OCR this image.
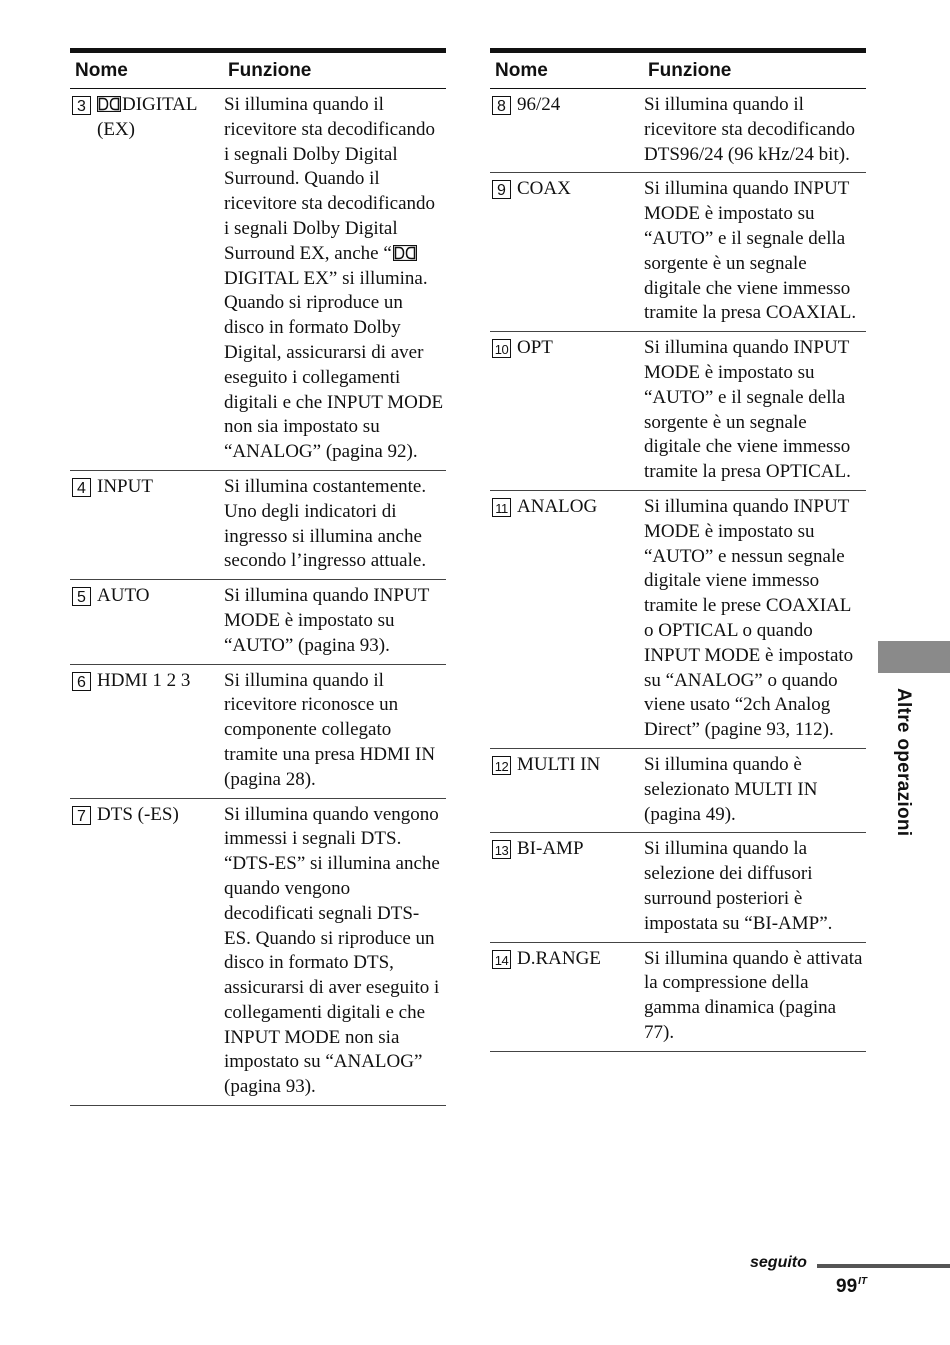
Nome	Funzione
3 DIGITAL (EX)	Si illumina quando il ricevitore sta decodificando i segnali Dolby Digital Surround. Quando il ricevitore sta decodificando i segnali Dolby Digital Surround EX, anche “DIGITAL EX” si illumina. Quando si riproduce un disco in formato Dolby Digital, assicurarsi di aver eseguito i collegamenti digitali e che INPUT MODE non sia impostato su “ANALOG” (pagina 92).
4 INPUT	Si illumina costantemente. Uno degli indicatori di ingresso si illumina anche secondo l’ingresso attuale.
5 AUTO	Si illumina quando INPUT MODE è impostato su “AUTO” (pagina 93).
6 HDMI 1 2 3	Si illumina quando il ricevitore riconosce un componente collegato tramite una presa HDMI IN (pagina 28).
7 DTS (-ES)	Si illumina quando vengono immessi i segnali DTS. “DTS-ES” si illumina anche quando vengono decodificati segnali DTS-ES. Quando si riproduce un disco in formato DTS, assicurarsi di aver eseguito i collegamenti digitali e che INPUT MODE non sia impostato su “ANALOG” (pagina 93).
Nome	Funzione
8 96/24	Si illumina quando il ricevitore sta decodificando DTS96/24 (96 kHz/24 bit).
9 COAX	Si illumina quando INPUT MODE è impostato su “AUTO” e il segnale della sorgente è un segnale digitale che viene immesso tramite la presa COAXIAL.
10 OPT	Si illumina quando INPUT MODE è impostato su “AUTO” e il segnale della sorgente è un segnale digitale che viene immesso tramite la presa OPTICAL.
11 ANALOG	Si illumina quando INPUT MODE è impostato su “AUTO” e nessun segnale digitale viene immesso tramite le prese COAXIAL o OPTICAL o quando INPUT MODE è impostato su “ANALOG” o quando viene usato “2ch Analog Direct” (pagine 93, 112).
12 MULTI IN	Si illumina quando è selezionato MULTI IN (pagina 49).
13 BI-AMP	Si illumina quando la selezione dei diffusori surround posteriori è impostata su “BI-AMP”.
14 D.RANGE	Si illumina quando è attivata la compressione della gamma dinamica (pagina 77).
Altre operazioni
seguito
$99^{IT}$
